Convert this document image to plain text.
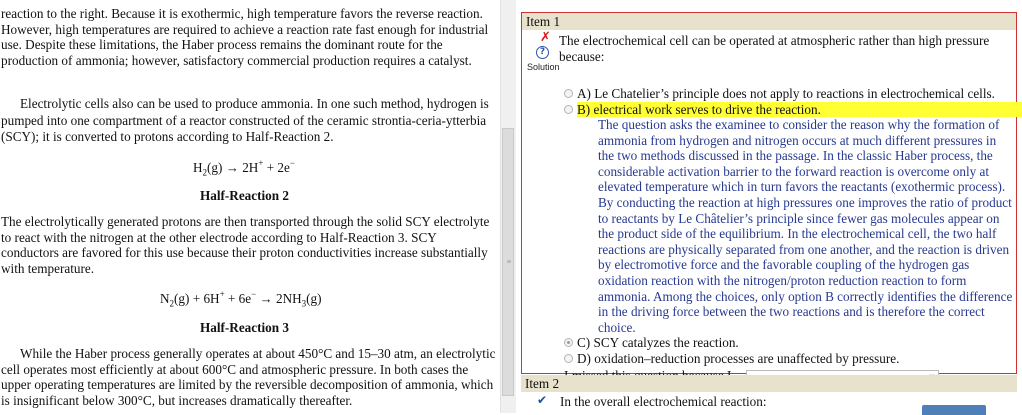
reaction to the right. Because it is exothermic, high temperature favors the reverse reaction. However, high temperatures are required to achieve a reaction rate fast enough for industrial use. Despite these limitations, the Haber process remains the dominant route for the production of ammonia; however, satisfactory commercial production requires a catalyst.

Electrolytic cells also can be used to produce ammonia. In one such method, hydrogen is pumped into one compartment of a reactor constructed of the ceramic strontia-ceria-ytterbia (SCY); it is converted to protons according to Half-Reaction 2.

$H_2(g) \to 2H^+ + 2e^-$
Half-Reaction 2

The electrolytically generated protons are then transported through the solid SCY electrolyte to react with the nitrogen at the other electrode according to Half-Reaction 3. SCY conductors are favored for this use because their proton conductivities increase substantially with temperature.

$N_2(g) + 6H^+ + 6e^- \to 2NH_3(g)$
Half-Reaction 3

While the Haber process generally operates at about 450°C and 15–30 atm, an electrolytic cell operates most efficiently at about 600°C and atmospheric pressure. In both cases the upper operating temperatures are limited by the reversible decomposition of ammonia, which is insignificant below 300°C, but increases dramatically thereafter.

≡
Item 1
✗
?
Solution
The electrochemical cell can be operated at atmospheric rather than high pressure because:
A) Le Chatelier’s principle does not apply to reactions in electrochemical cells.
B) electrical work serves to drive the reaction.
The question asks the examinee to consider the reason why the formation of ammonia from hydrogen and nitrogen occurs at much different pressures in the two methods discussed in the passage. In the classic Haber process, the considerable activation barrier to the forward reaction is overcome only at elevated temperature which in turn favors the reactants (exothermic process). By conducting the reaction at high pressures one improves the ratio of product to reactants by Le Châtelier’s principle since fewer gas molecules appear on the product side of the equilibrium. In the electrochemical cell, the two half reactions are physically separated from one another, and the reaction is driven by electromotive force and the favorable coupling of the hydrogen gas oxidation reaction with the nitrogen/proton reduction reaction to form ammonia. Among the choices, only option B correctly identifies the difference in the driving force between the two reactions and is therefore the correct choice.
C) SCY catalyzes the reaction.
D) oxidation–reduction processes are unaffected by pressure.
Item 2
✔ In the overall electrochemical reaction:
